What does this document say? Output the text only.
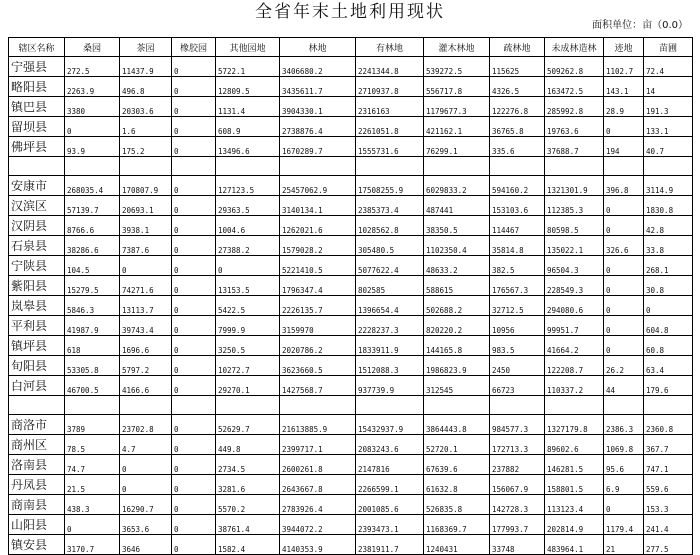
全省年末土地利用现状
面积单位：亩（0.0）
辖区名称	桑园	茶园	橡胶园	其他园地	林地	有林地	灌木林地	疏林地	未成林造林	迹地	苗圃
宁强县	272.5	11437.9	0	5722.1	3406680.2	2241344.8	539272.5	115625	509262.8	1102.7	72.4
略阳县	2263.9	496.8	0	12809.5	3435611.7	2710937.8	556717.8	4326.5	163472.5	143.1	14
镇巴县	3380	20303.6	0	1131.4	3904330.1	2316163	1179677.3	122276.8	285992.8	28.9	191.3
留坝县	0	1.6	0	608.9	2738876.4	2261051.8	421162.1	36765.8	19763.6	0	133.1
佛坪县	93.9	175.2	0	13496.6	1670289.7	1555731.6	76299.1	335.6	37688.7	194	40.7

安康市	268035.4	170807.9	0	127123.5	25457062.9	17508255.9	6029833.2	594160.2	1321301.9	396.8	3114.9
汉滨区	57139.7	20693.1	0	29363.5	3140134.1	2385373.4	487441	153103.6	112385.3	0	1830.8
汉阴县	8766.6	3938.1	0	1004.6	1262021.6	1028562.8	38350.5	114467	80598.5	0	42.8
石泉县	38286.6	7387.6	0	27388.2	1579028.2	305480.5	1102350.4	35814.8	135022.1	326.6	33.8
宁陕县	104.5	0	0	0	5221410.5	5077622.4	48633.2	382.5	96504.3	0	268.1
紫阳县	15279.5	74271.6	0	13153.5	1796347.4	802585	588615	176567.3	228549.3	0	30.8
岚皋县	5846.3	13113.7	0	5422.5	2226135.7	1396654.4	502688.2	32712.5	294080.6	0	0
平利县	41987.9	39743.4	0	7999.9	3159970	2228237.3	820220.2	10956	99951.7	0	604.8
镇坪县	618	1696.6	0	3250.5	2020786.2	1833911.9	144165.8	983.5	41664.2	0	60.8
旬阳县	53305.8	5797.2	0	10272.7	3623660.5	1512088.3	1986823.9	2450	122208.7	26.2	63.4
白河县	46700.5	4166.6	0	29270.1	1427568.7	937739.9	312545	66723	110337.2	44	179.6

商洛市	3789	23702.8	0	52629.7	21613885.9	15432937.9	3864443.8	984577.3	1327179.8	2386.3	2360.8
商州区	78.5	4.7	0	449.8	2399717.1	2083243.6	52720.1	172713.3	89602.6	1069.8	367.7
洛南县	74.7	0	0	2734.5	2600261.8	2147816	67639.6	237882	146281.5	95.6	747.1
丹凤县	21.5	0	0	3281.6	2643667.8	2266599.1	61632.8	156067.9	158801.5	6.9	559.6
商南县	438.3	16290.7	0	5570.2	2783926.4	2001085.6	526835.8	142728.3	113123.4	0	153.3
山阳县	0	3653.6	0	38761.4	3944072.2	2393473.1	1168369.7	177993.7	202814.9	1179.4	241.4
镇安县	3170.7	3646	0	1582.4	4140353.9	2381911.7	1240431	33748	483964.1	21	277.5
